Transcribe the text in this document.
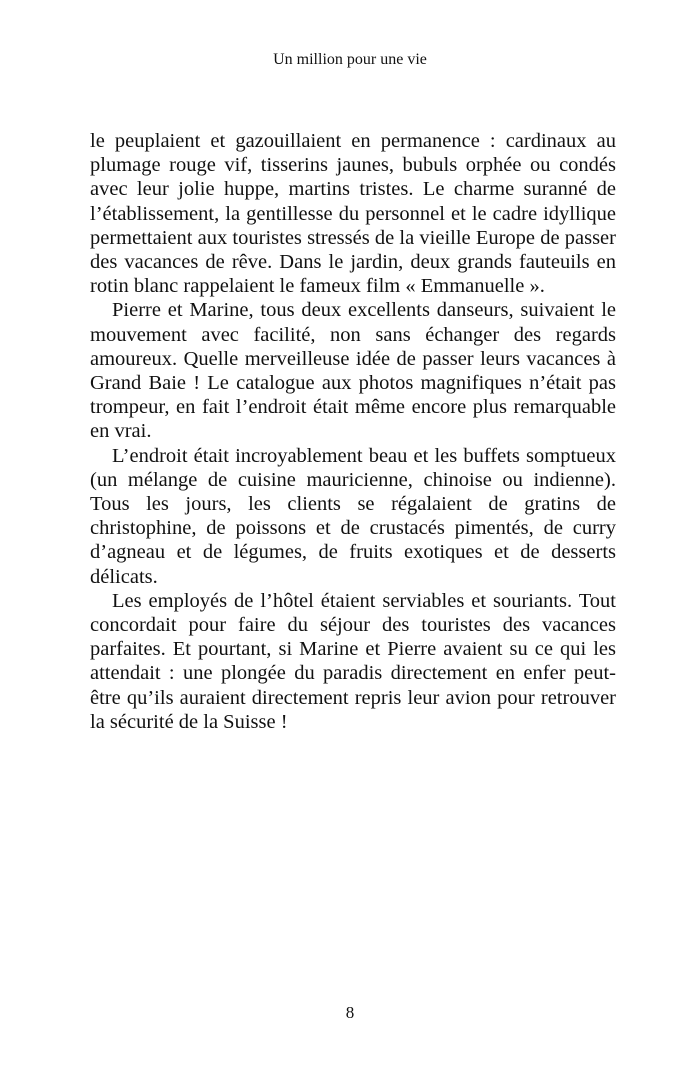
Un million pour une vie

le peuplaient et gazouillaient en permanence : cardinaux au plumage rouge vif, tisserins jaunes, bubuls orphée ou condés avec leur jolie huppe, martins tristes. Le charme suranné de l’établissement, la gentillesse du personnel et le cadre idyllique permettaient aux touristes stressés de la vieille Europe de passer des vacances de rêve. Dans le jardin, deux grands fauteuils en rotin blanc rappelaient le fameux film « Emmanuelle ».

Pierre et Marine, tous deux excellents danseurs, suivaient le mouvement avec facilité, non sans échanger des regards amoureux. Quelle merveilleuse idée de passer leurs vacances à Grand Baie ! Le catalogue aux photos magnifiques n’était pas trompeur, en fait l’endroit était même encore plus remarquable en vrai.

L’endroit était incroyablement beau et les buffets somptueux (un mélange de cuisine mauricienne, chinoise ou indienne). Tous les jours, les clients se régalaient de gratins de christophine, de poissons et de crustacés pimentés, de curry d’agneau et de légumes, de fruits exotiques et de desserts délicats.

Les employés de l’hôtel étaient serviables et souriants. Tout concordait pour faire du séjour des touristes des vacances parfaites. Et pourtant, si Marine et Pierre avaient su ce qui les attendait : une plongée du paradis directement en enfer peut-être qu’ils auraient directement repris leur avion pour retrouver la sécurité de la Suisse !

8
